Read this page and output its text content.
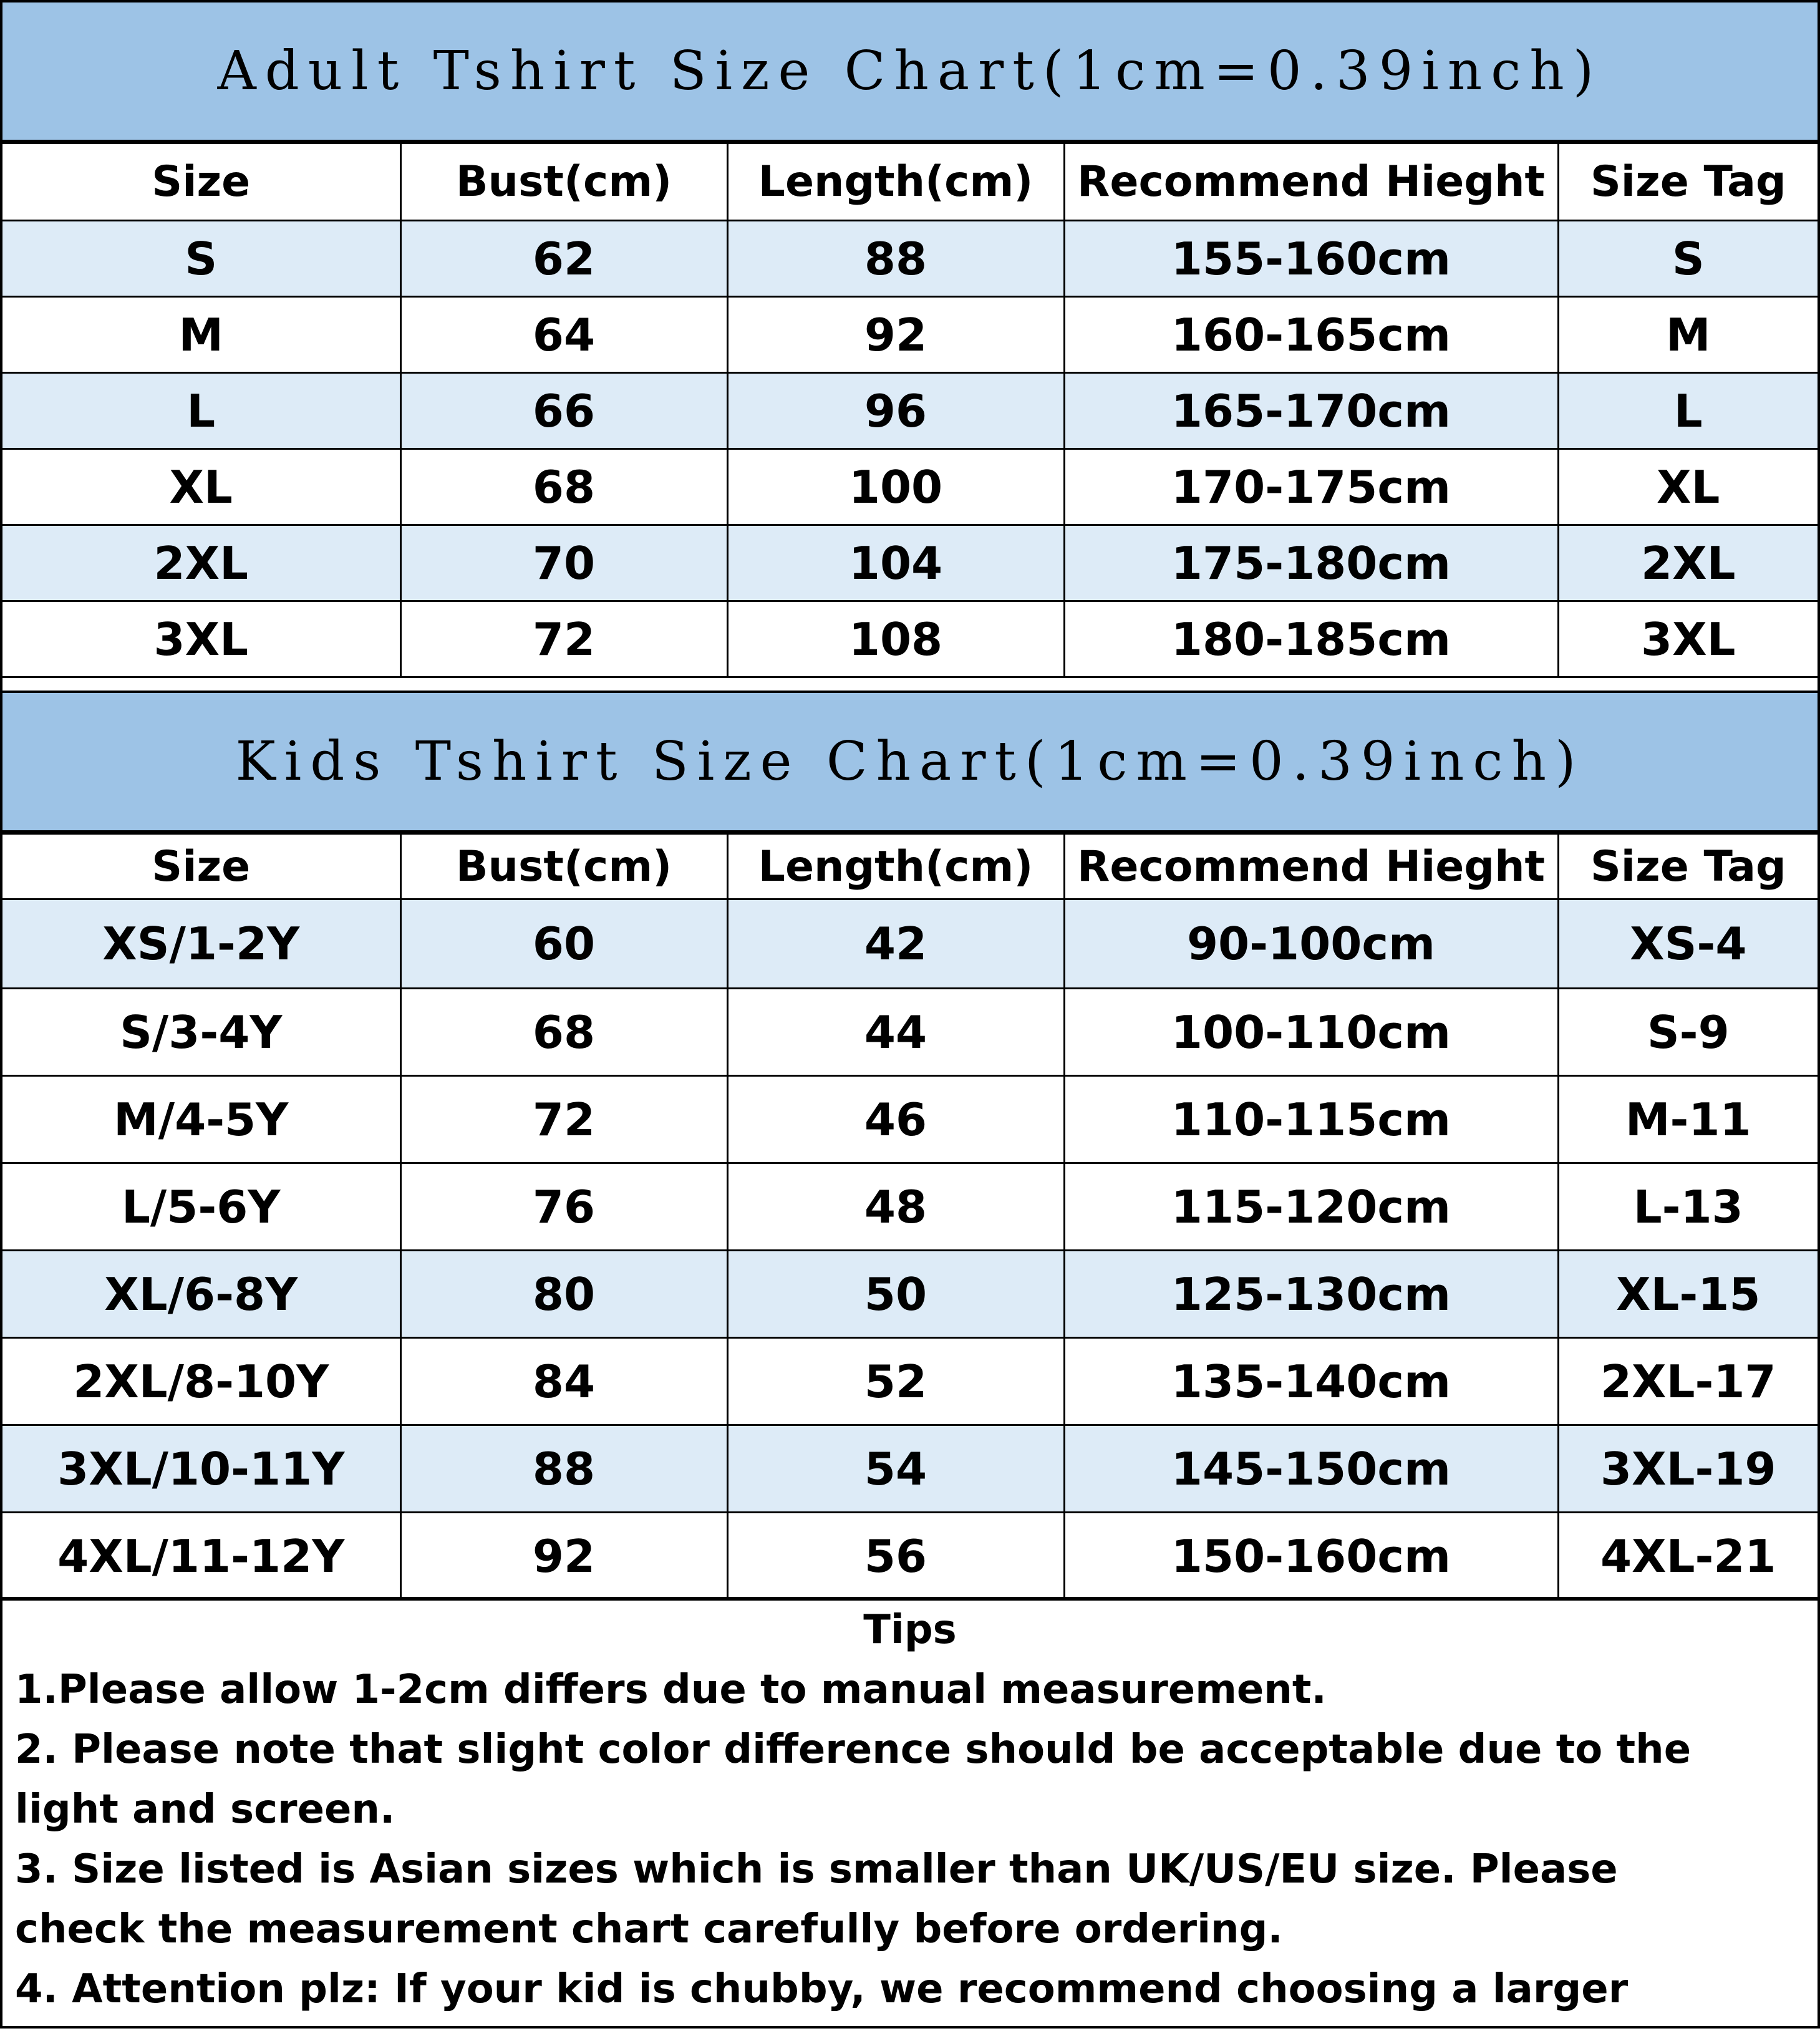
Adult Tshirt Size Chart(1cm=0.39inch)
Size	Bust(cm)	Length(cm)	Recommend Hieght	Size Tag
S	62	88	155-160cm	S
M	64	92	160-165cm	M
L	66	96	165-170cm	L
XL	68	100	170-175cm	XL
2XL	70	104	175-180cm	2XL
3XL	72	108	180-185cm	3XL
Kids Tshirt Size Chart(1cm=0.39inch)
Size	Bust(cm)	Length(cm)	Recommend Hieght	Size Tag
XS/1-2Y	60	42	90-100cm	XS-4
S/3-4Y	68	44	100-110cm	S-9
M/4-5Y	72	46	110-115cm	M-11
L/5-6Y	76	48	115-120cm	L-13
XL/6-8Y	80	50	125-130cm	XL-15
2XL/8-10Y	84	52	135-140cm	2XL-17
3XL/10-11Y	88	54	145-150cm	3XL-19
4XL/11-12Y	92	56	150-160cm	4XL-21
Tips

1.Please allow 1-2cm differs due to manual measurement.

2. Please note that slight color difference should be acceptable due to the

light and screen.

3. Size listed is Asian sizes which is smaller than UK/US/EU size. Please

check the measurement chart carefully before ordering.

4. Attention plz: If your kid is chubby, we recommend choosing a larger
